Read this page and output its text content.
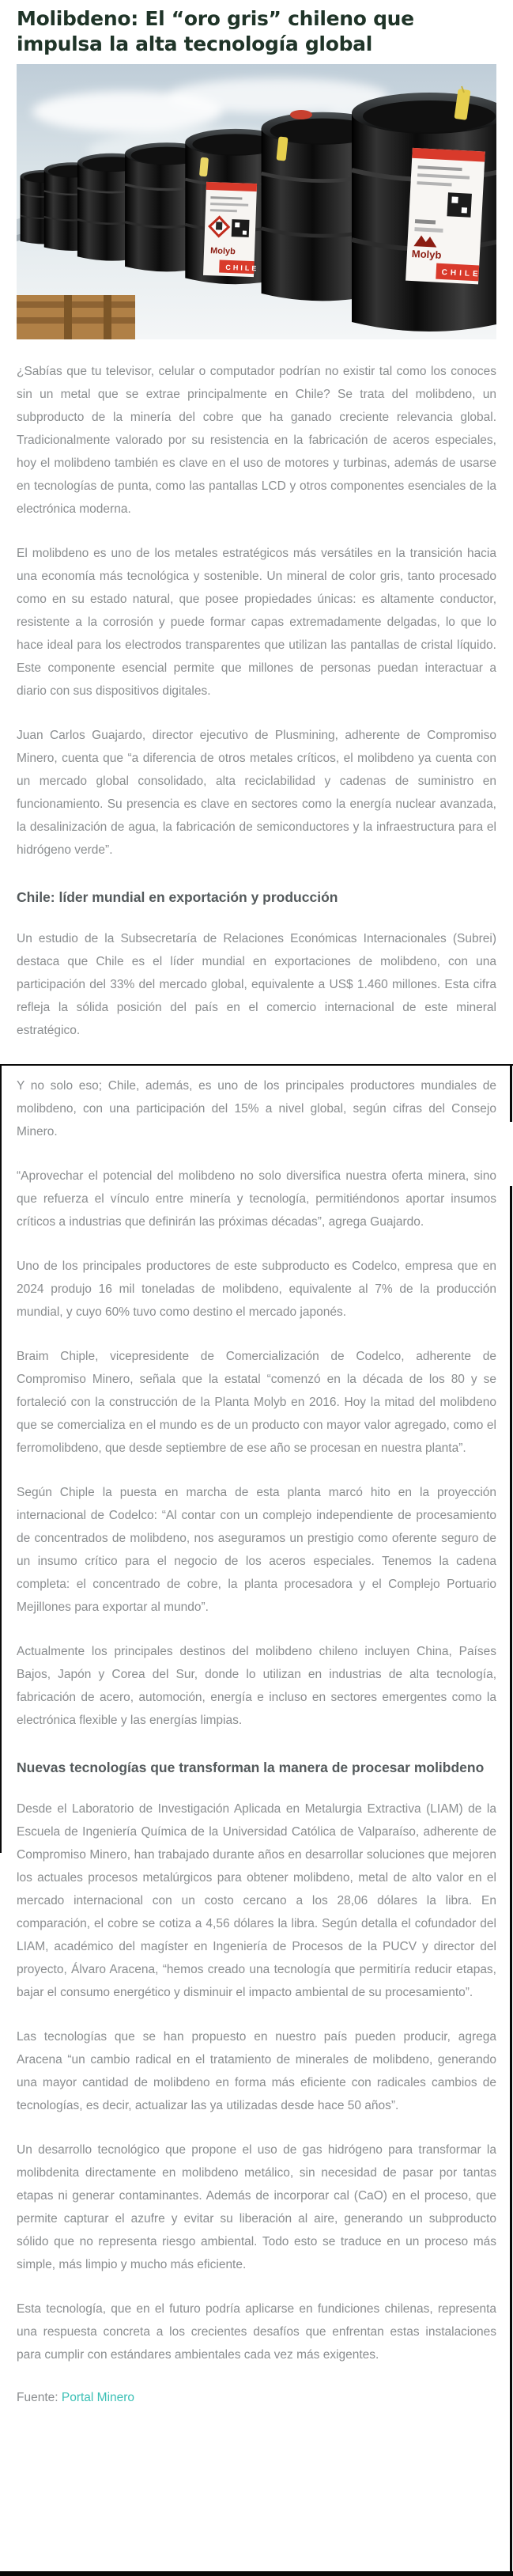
Molibdeno: El “oro gris” chileno que impulsa la alta tecnología global
Molyb
CHILE
Molyb
CHILE

¿Sabías que tu televisor, celular o computador podrían no existir tal como los conoces sin un metal que se extrae principalmente en Chile? Se trata del molibdeno, un subproducto de la minería del cobre que ha ganado creciente relevancia global. Tradicionalmente valorado por su resistencia en la fabricación de aceros especiales, hoy el molibdeno también es clave en el uso de motores y turbinas, además de usarse en tecnologías de punta, como las pantallas LCD y otros componentes esenciales de la electrónica moderna.

El molibdeno es uno de los metales estratégicos más versátiles en la transición hacia una economía más tecnológica y sostenible. Un mineral de color gris, tanto procesado como en su estado natural, que posee propiedades únicas: es altamente conductor, resistente a la corrosión y puede formar capas extremadamente delgadas, lo que lo hace ideal para los electrodos transparentes que utilizan las pantallas de cristal líquido. Este componente esencial permite que millones de personas puedan interactuar a diario con sus dispositivos digitales.

Juan Carlos Guajardo, director ejecutivo de Plusmining, adherente de Compromiso Minero, cuenta que “a diferencia de otros metales críticos, el molibdeno ya cuenta con un mercado global consolidado, alta reciclabilidad y cadenas de suministro en funcionamiento. Su presencia es clave en sectores como la energía nuclear avanzada, la desalinización de agua, la fabricación de semiconductores y la infraestructura para el hidrógeno verde”.

Chile: líder mundial en exportación y producción

Un estudio de la Subsecretaría de Relaciones Económicas Internacionales (Subrei) destaca que Chile es el líder mundial en exportaciones de molibdeno, con una participación del 33% del mercado global, equivalente a US$ 1.460 millones. Esta cifra refleja la sólida posición del país en el comercio internacional de este mineral estratégico.

Y no solo eso; Chile, además, es uno de los principales productores mundiales de molibdeno, con una participación del 15% a nivel global, según cifras del Consejo Minero.

“Aprovechar el potencial del molibdeno no solo diversifica nuestra oferta minera, sino que refuerza el vínculo entre minería y tecnología, permitiéndonos aportar insumos críticos a industrias que definirán las próximas décadas”, agrega Guajardo.

Uno de los principales productores de este subproducto es Codelco, empresa que en 2024 produjo 16 mil toneladas de molibdeno, equivalente al 7% de la producción mundial, y cuyo 60% tuvo como destino el mercado japonés.

Braim Chiple, vicepresidente de Comercialización de Codelco, adherente de Compromiso Minero, señala que la estatal “comenzó en la década de los 80 y se fortaleció con la construcción de la Planta Molyb en 2016. Hoy la mitad del molibdeno que se comercializa en el mundo es de un producto con mayor valor agregado, como el ferromolibdeno, que desde septiembre de ese año se procesan en nuestra planta”.

Según Chiple la puesta en marcha de esta planta marcó hito en la proyección internacional de Codelco: “Al contar con un complejo independiente de procesamiento de concentrados de molibdeno, nos aseguramos un prestigio como oferente seguro de un insumo crítico para el negocio de los aceros especiales. Tenemos la cadena completa: el concentrado de cobre, la planta procesadora y el Complejo Portuario Mejillones para exportar al mundo”.

Actualmente los principales destinos del molibdeno chileno incluyen China, Países Bajos, Japón y Corea del Sur, donde lo utilizan en industrias de alta tecnología, fabricación de acero, automoción, energía e incluso en sectores emergentes como la electrónica flexible y las energías limpias.

Nuevas tecnologías que transforman la manera de procesar molibdeno

Desde el Laboratorio de Investigación Aplicada en Metalurgia Extractiva (LIAM) de la Escuela de Ingeniería Química de la Universidad Católica de Valparaíso, adherente de Compromiso Minero, han trabajado durante años en desarrollar soluciones que mejoren los actuales procesos metalúrgicos para obtener molibdeno, metal de alto valor en el mercado internacional con un costo cercano a los 28,06 dólares la libra. En comparación, el cobre se cotiza a 4,56 dólares la libra. Según detalla el cofundador del LIAM, académico del magíster en Ingeniería de Procesos de la PUCV y director del proyecto, Álvaro Aracena, “hemos creado una tecnología que permitiría reducir etapas, bajar el consumo energético y disminuir el impacto ambiental de su procesamiento”.

Las tecnologías que se han propuesto en nuestro país pueden producir, agrega Aracena “un cambio radical en el tratamiento de minerales de molibdeno, generando una mayor cantidad de molibdeno en forma más eficiente con radicales cambios de tecnologías, es decir, actualizar las ya utilizadas desde hace 50 años”.

Un desarrollo tecnológico que propone el uso de gas hidrógeno para transformar la molibdenita directamente en molibdeno metálico, sin necesidad de pasar por tantas etapas ni generar contaminantes. Además de incorporar cal (CaO) en el proceso, que permite capturar el azufre y evitar su liberación al aire, generando un subproducto sólido que no representa riesgo ambiental. Todo esto se traduce en un proceso más simple, más limpio y mucho más eficiente.

Esta tecnología, que en el futuro podría aplicarse en fundiciones chilenas, representa una respuesta concreta a los crecientes desafíos que enfrentan estas instalaciones para cumplir con estándares ambientales cada vez más exigentes.

Fuente: Portal Minero
